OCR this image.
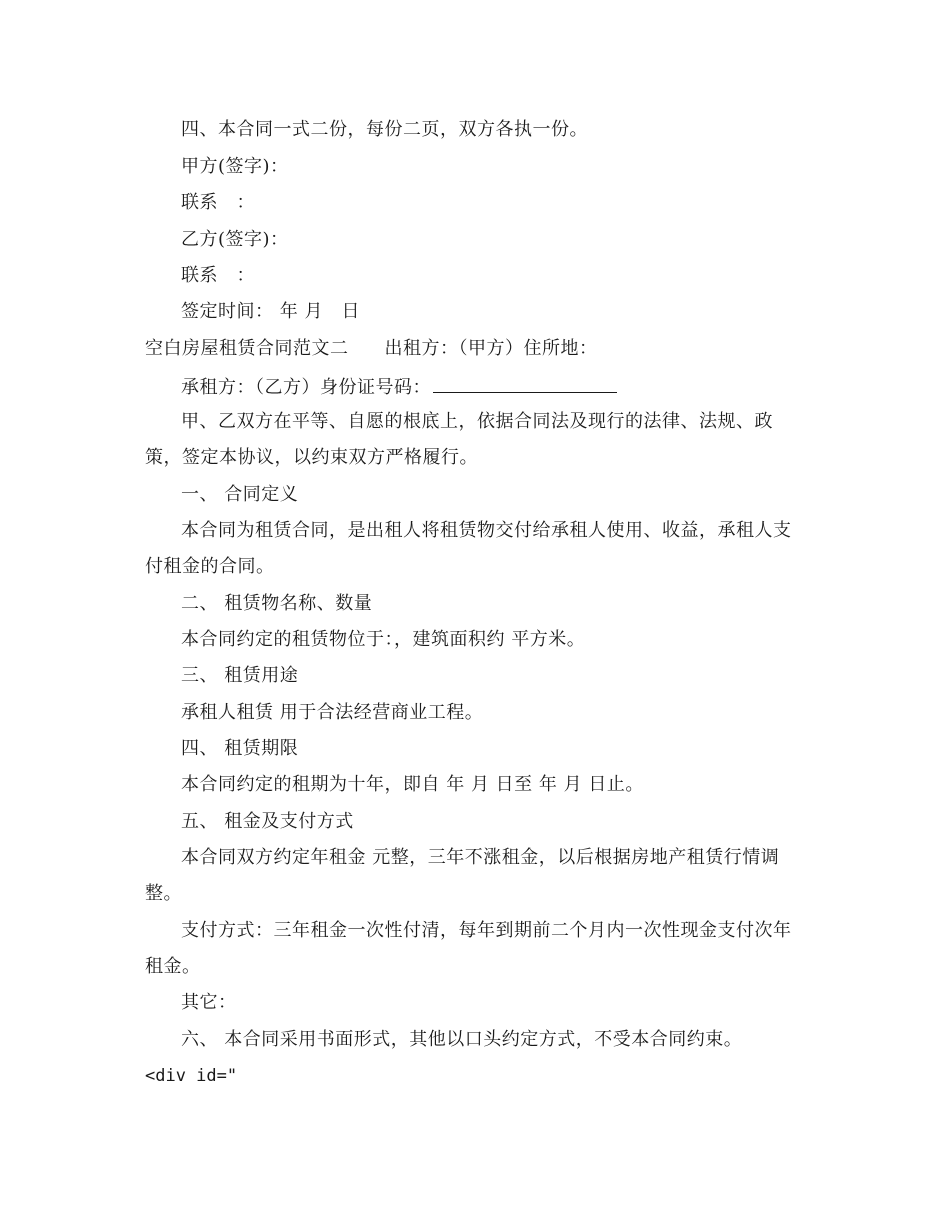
四、本合同一式二份，每份二页，双方各执一份。
甲方(签字)：
联系　：
乙方(签字)：
联系　：
签定时间： 年 月　日
空白房屋租赁合同范文二 出租方：（甲方）住所地：
承租方：（乙方）身份证号码：
甲、乙双方在平等、自愿的根底上，依据合同法及现行的法律、法规、政
策，签定本协议，以约束双方严格履行。
一、 合同定义
本合同为租赁合同，是出租人将租赁物交付给承租人使用、收益，承租人支
付租金的合同。
二、 租赁物名称、数量
本合同约定的租赁物位于：，建筑面积约 平方米。
三、 租赁用途
承租人租赁 用于合法经营商业工程。
四、 租赁期限
本合同约定的租期为十年，即自 年 月 日至 年 月 日止。
五、 租金及支付方式
本合同双方约定年租金 元整，三年不涨租金，以后根据房地产租赁行情调
整。
支付方式：三年租金一次性付清，每年到期前二个月内一次性现金支付次年
租金。
其它：
六、 本合同采用书面形式，其他以口头约定方式，不受本合同约束。
<div id="
